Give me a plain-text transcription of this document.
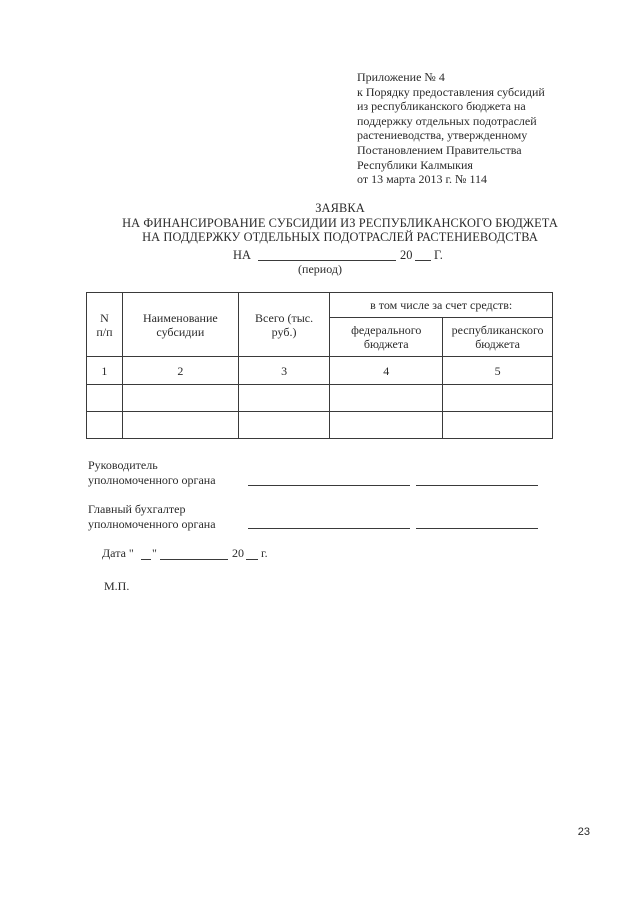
Приложение № 4
к Порядку предоставления субсидий
из республиканского бюджета на
поддержку отдельных подотраслей
растениеводства, утвержденному
Постановлением Правительства
Республики Калмыкия
от 13 марта 2013 г. № 114
ЗАЯВКА
НА ФИНАНСИРОВАНИЕ СУБСИДИИ ИЗ РЕСПУБЛИКАНСКОГО БЮДЖЕТА
НА ПОДДЕРЖКУ ОТДЕЛЬНЫХ ПОДОТРАСЛЕЙ РАСТЕНИЕВОДСТВА
НА	20 Г.
(период)
N п/п	Наименование субсидии	Всего (тыс. руб.)	в том числе за счет средств:	
			федерального бюджета	республиканского бюджета
1	2	3	4	5

Руководитель
уполномоченного органа
Главный бухгалтер
уполномоченного органа
Дата " "	20 г.
М.П.
23
